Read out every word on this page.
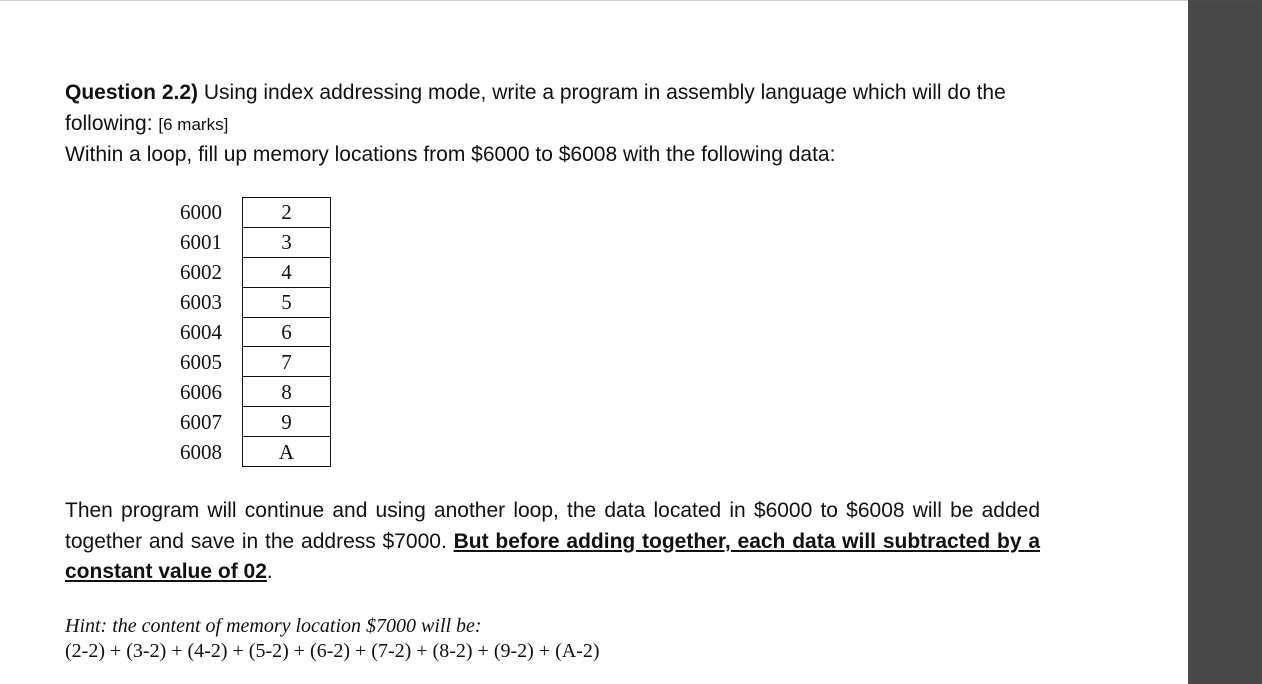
Question 2.2) Using index addressing mode, write a program in assembly language which will do the following: [6 marks]
Within a loop, fill up memory locations from $6000 to $6008 with the following data:

6000	2
6001	3
6002	4
6003	5
6004	6
6005	7
6006	8
6007	9
6008	A

Then program will continue and using another loop, the data located in $6000 to $6008 will be added together and save in the address $7000. But before adding together, each data will subtracted by a constant value of 02.

Hint: the content of memory location $7000 will be:
(2-2) + (3-2) + (4-2) + (5-2) + (6-2) + (7-2) + (8-2) + (9-2) + (A-2)
